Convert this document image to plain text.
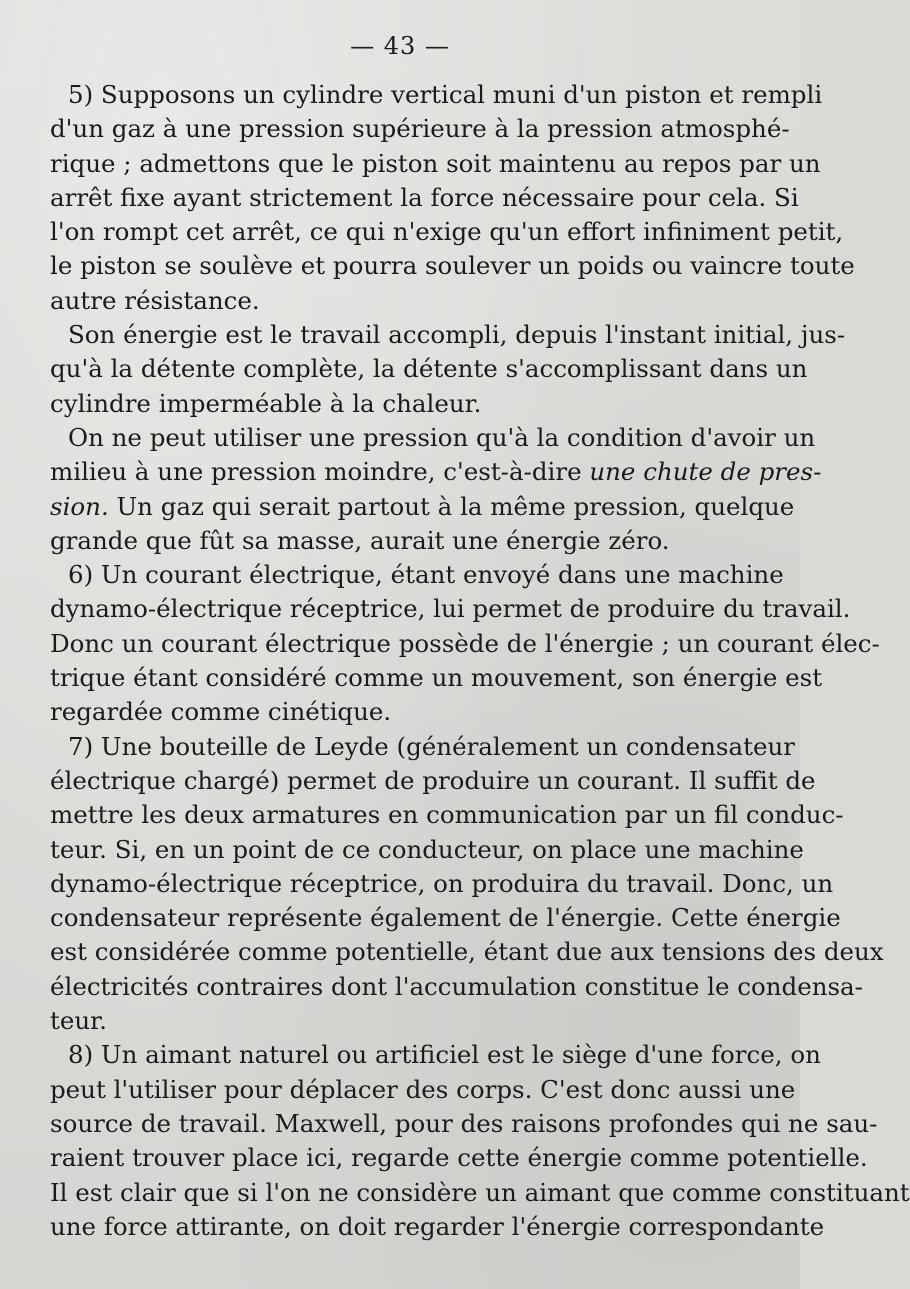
— 43 —
5) Supposons un cylindre vertical muni d'un piston et rempli
d'un gaz à une pression supérieure à la pression atmosphé-
rique ; admettons que le piston soit maintenu au repos par un
arrêt fixe ayant strictement la force nécessaire pour cela. Si
l'on rompt cet arrêt, ce qui n'exige qu'un effort infiniment petit,
le piston se soulève et pourra soulever un poids ou vaincre toute
autre résistance.
Son énergie est le travail accompli, depuis l'instant initial, jus-
qu'à la détente complète, la détente s'accomplissant dans un
cylindre imperméable à la chaleur.
On ne peut utiliser une pression qu'à la condition d'avoir un
milieu à une pression moindre, c'est-à-dire une chute de pres-
sion. Un gaz qui serait partout à la même pression, quelque
grande que fût sa masse, aurait une énergie zéro.
6) Un courant électrique, étant envoyé dans une machine
dynamo-électrique réceptrice, lui permet de produire du travail.
Donc un courant électrique possède de l'énergie ; un courant élec-
trique étant considéré comme un mouvement, son énergie est
regardée comme cinétique.
7) Une bouteille de Leyde (généralement un condensateur
électrique chargé) permet de produire un courant. Il suffit de
mettre les deux armatures en communication par un fil conduc-
teur. Si, en un point de ce conducteur, on place une machine
dynamo-électrique réceptrice, on produira du travail. Donc, un
condensateur représente également de l'énergie. Cette énergie
est considérée comme potentielle, étant due aux tensions des deux
électricités contraires dont l'accumulation constitue le condensa-
teur.
8) Un aimant naturel ou artificiel est le siège d'une force, on
peut l'utiliser pour déplacer des corps. C'est donc aussi une
source de travail. Maxwell, pour des raisons profondes qui ne sau-
raient trouver place ici, regarde cette énergie comme potentielle.
Il est clair que si l'on ne considère un aimant que comme constituant
une force attirante, on doit regarder l'énergie correspondante
